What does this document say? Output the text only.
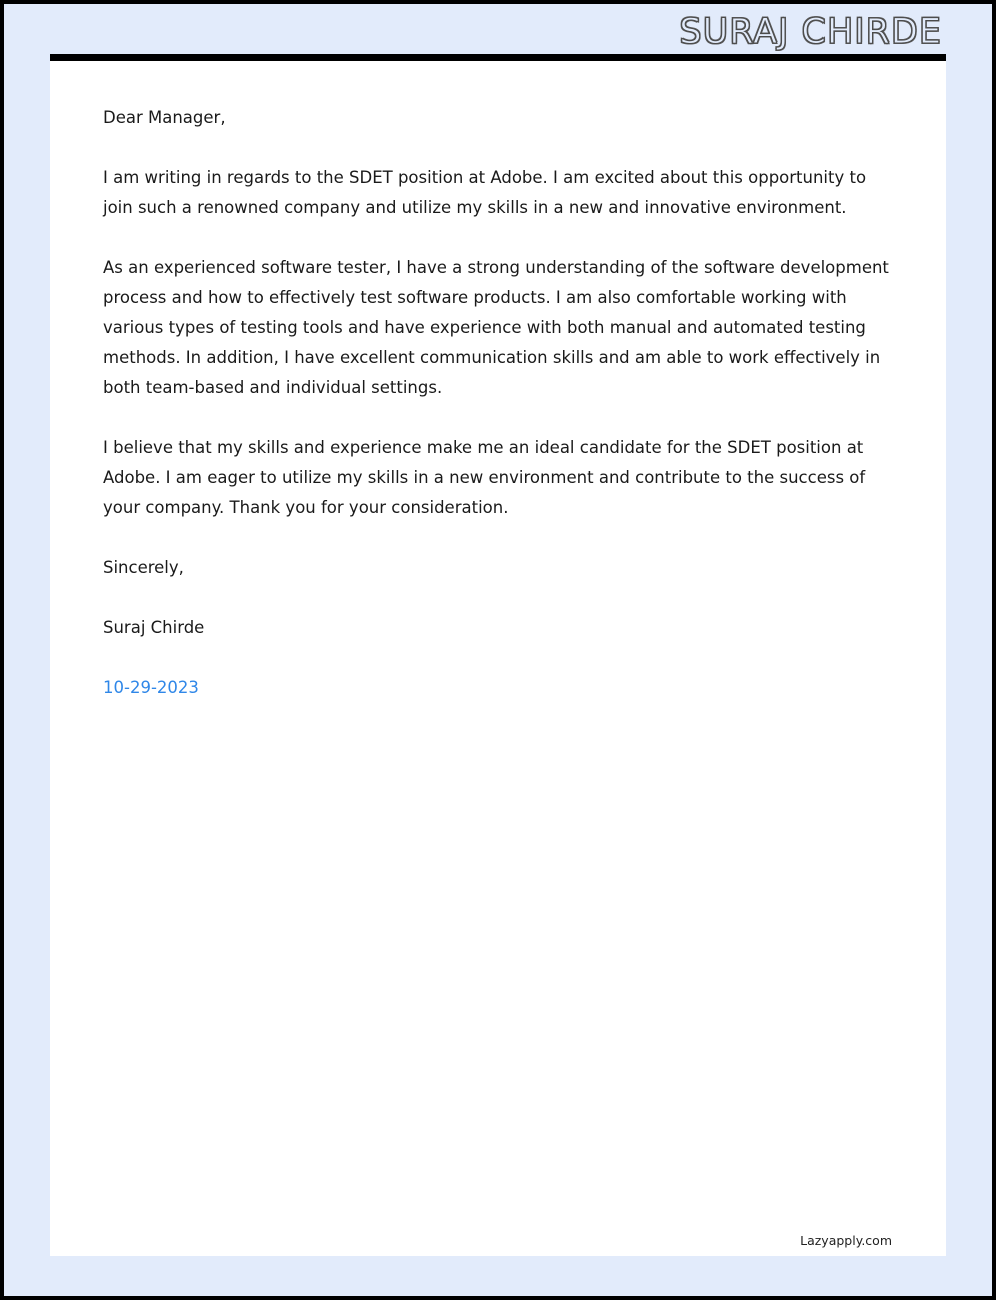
SURAJ CHIRDE

Dear Manager,

I am writing in regards to the SDET position at Adobe. I am excited about this opportunity to join such a renowned company and utilize my skills in a new and innovative environment.

As an experienced software tester, I have a strong understanding of the software development process and how to effectively test software products. I am also comfortable working with various types of testing tools and have experience with both manual and automated testing methods. In addition, I have excellent communication skills and am able to work effectively in both team-based and individual settings.

I believe that my skills and experience make me an ideal candidate for the SDET position at Adobe. I am eager to utilize my skills in a new environment and contribute to the success of your company. Thank you for your consideration.

Sincerely,

Suraj Chirde

10-29-2023

Lazyapply.com
